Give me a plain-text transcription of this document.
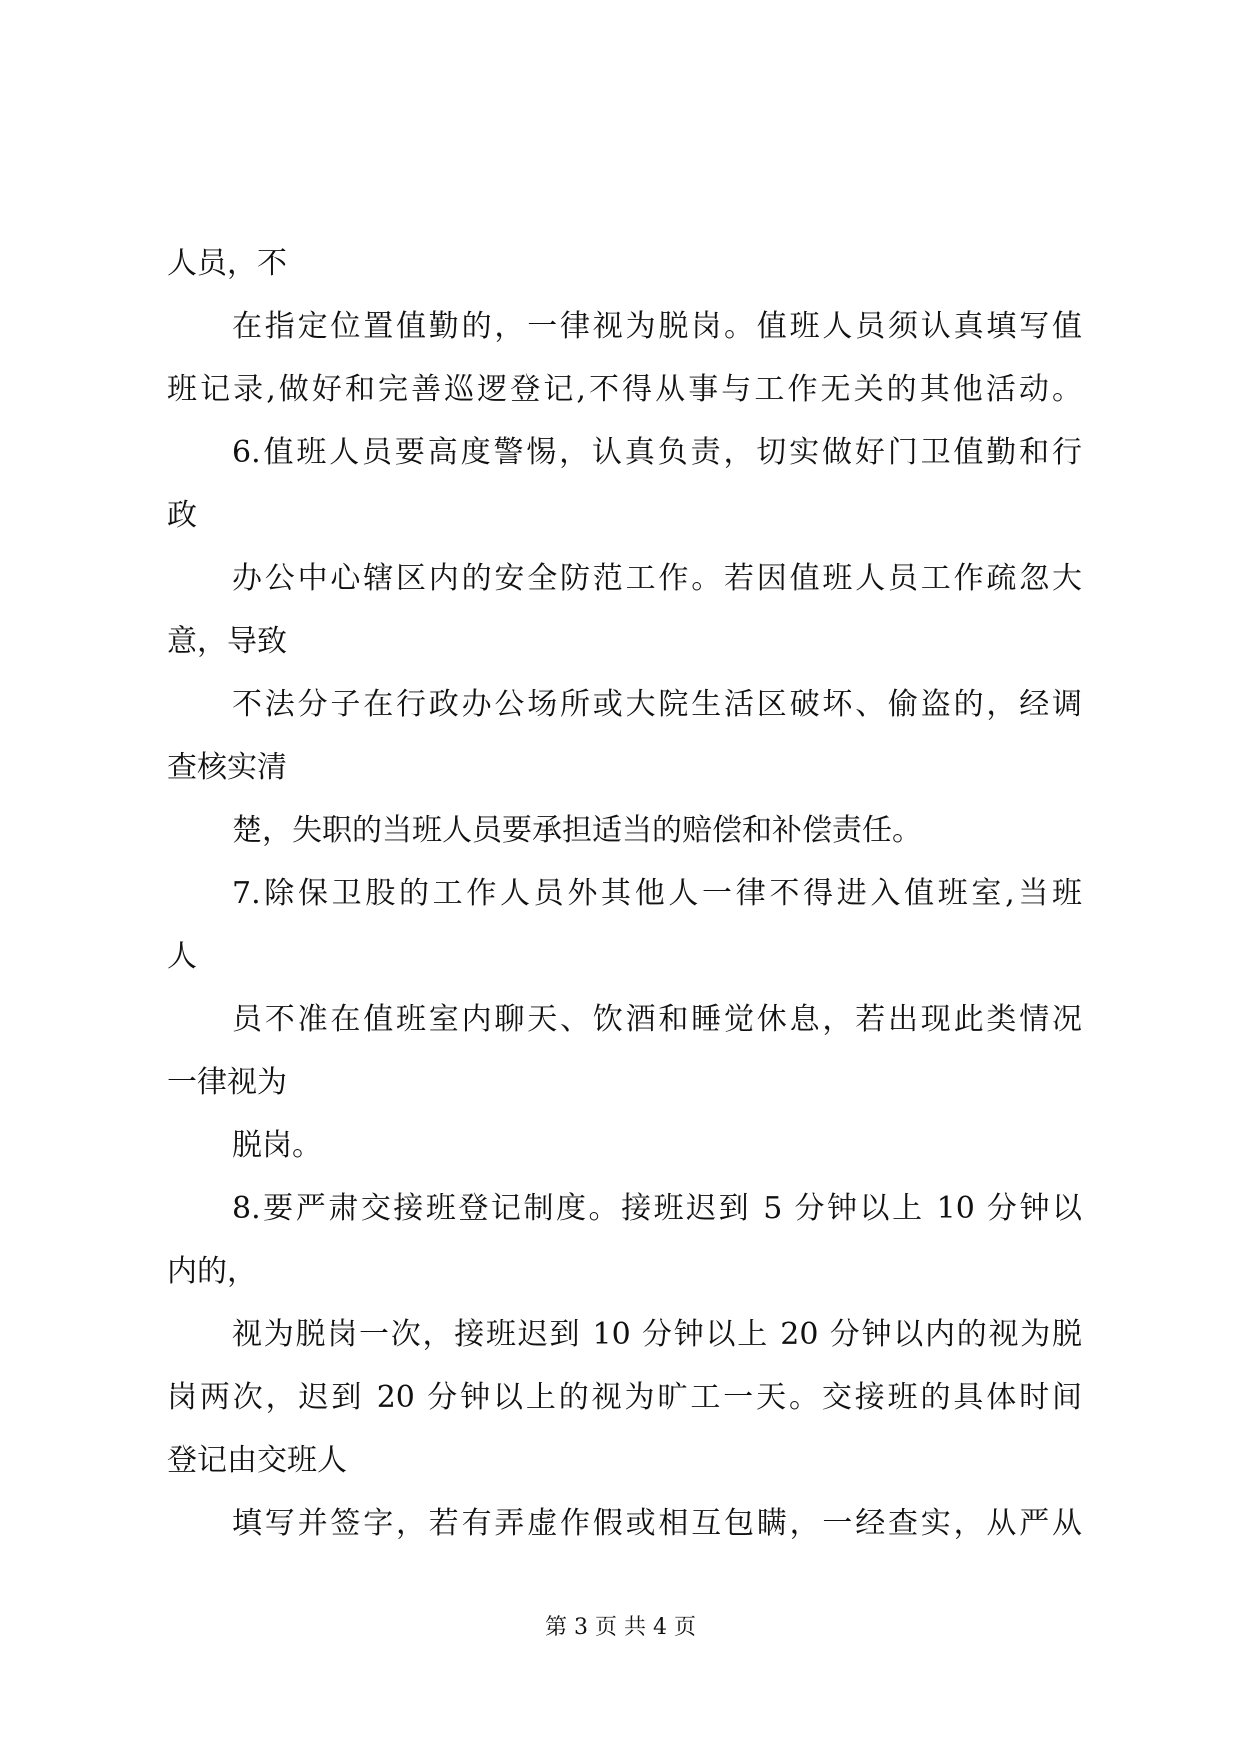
人员，不
在指定位置值勤的，一律视为脱岗。值班人员须认真填写值
班记录,做好和完善巡逻登记,不得从事与工作无关的其他活动。
6.值班人员要高度警惕，认真负责，切实做好门卫值勤和行
政
办公中心辖区内的安全防范工作。若因值班人员工作疏忽大
意，导致
不法分子在行政办公场所或大院生活区破坏、偷盗的，经调
查核实清
楚，失职的当班人员要承担适当的赔偿和补偿责任。
7.除保卫股的工作人员外其他人一律不得进入值班室,当班
人
员不准在值班室内聊天、饮酒和睡觉休息，若出现此类情况
一律视为
脱岗。
8.要严肃交接班登记制度。接班迟到 5 分钟以上 10 分钟以
内的，
视为脱岗一次，接班迟到 10 分钟以上 20 分钟以内的视为脱
岗两次，迟到 20 分钟以上的视为旷工一天。交接班的具体时间
登记由交班人
填写并签字，若有弄虚作假或相互包瞒，一经查实，从严从
第 3 页 共 4 页
